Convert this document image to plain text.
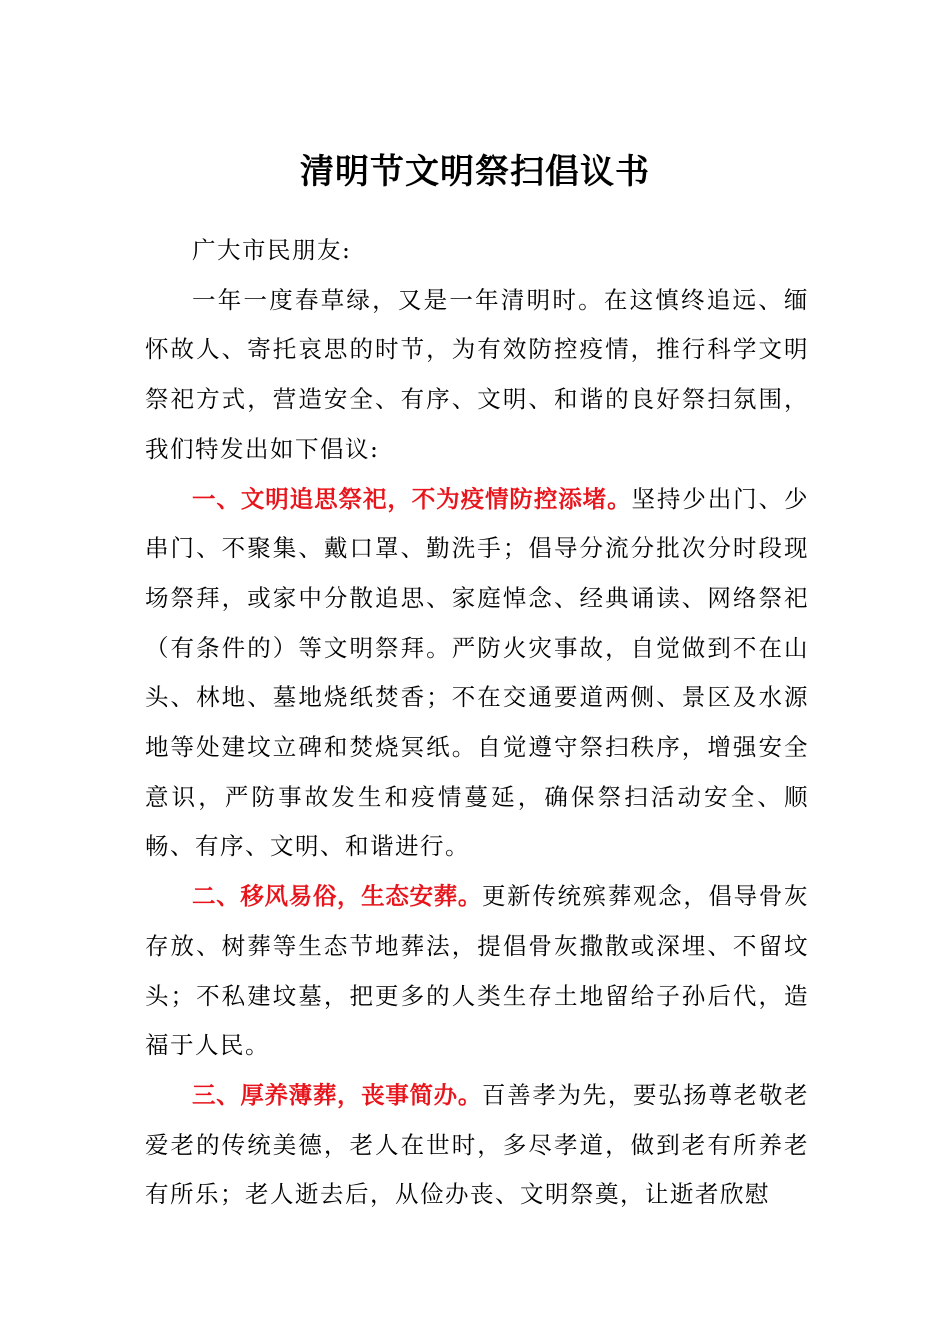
清明节文明祭扫倡议书

广大市民朋友:

一年一度春草绿，又是一年清明时。在这慎终追远、缅怀故人、寄托哀思的时节，为有效防控疫情，推行科学文明祭祀方式，营造安全、有序、文明、和谐的良好祭扫氛围，我们特发出如下倡议:

一、文明追思祭祀，不为疫情防控添堵。坚持少出门、少串门、不聚集、戴口罩、勤洗手；倡导分流分批次分时段现场祭拜，或家中分散追思、家庭悼念、经典诵读、网络祭祀（有条件的）等文明祭拜。严防火灾事故，自觉做到不在山头、林地、墓地烧纸焚香；不在交通要道两侧、景区及水源地等处建坟立碑和焚烧冥纸。自觉遵守祭扫秩序，增强安全意识，严防事故发生和疫情蔓延，确保祭扫活动安全、顺畅、有序、文明、和谐进行。

二、移风易俗，生态安葬。更新传统殡葬观念，倡导骨灰存放、树葬等生态节地葬法，提倡骨灰撒散或深埋、不留坟头；不私建坟墓，把更多的人类生存土地留给子孙后代，造福于人民。

三、厚养薄葬，丧事简办。百善孝为先，要弘扬尊老敬老爱老的传统美德，老人在世时，多尽孝道，做到老有所养老有所乐；老人逝去后，从俭办丧、文明祭奠，让逝者欣慰
